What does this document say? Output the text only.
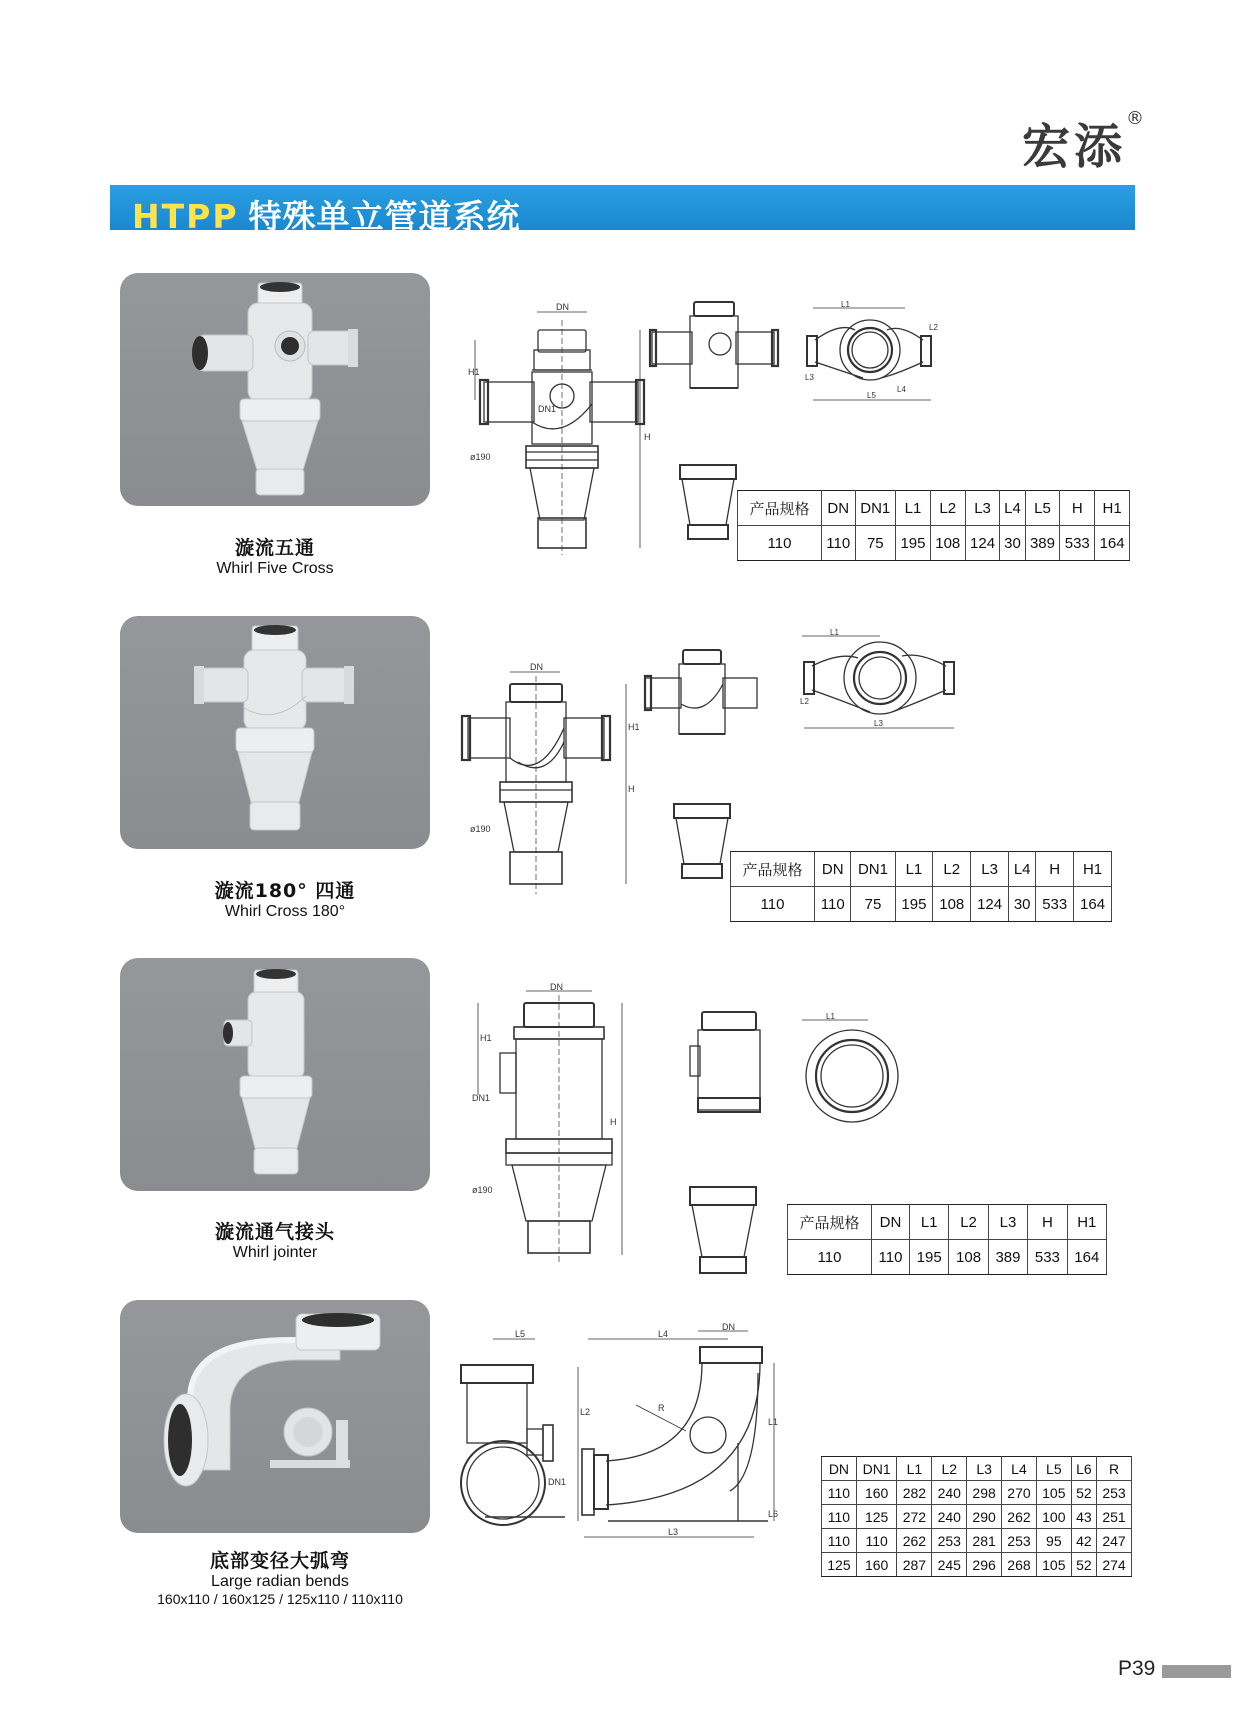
宏添®
HTPP 特殊单立管道系统
漩流五通
Whirl Five Cross
DN
H1
DN1
H
ø190
L1
L2
L3
L4
L5
产品规格	DN	DN1	L1	L2	L3	L4	L5	H	H1
110	110	75	195	108	124	30	389	533	164
漩流180° 四通
Whirl Cross 180°
DN
H1
H
ø190
L1
L2
L3
产品规格	DN	DN1	L1	L2	L3	L4	H	H1
110	110	75	195	108	124	30	533	164
漩流通气接头
Whirl jointer
DN
H1
DN1
H
ø190
L1
产品规格	DN	L1	L2	L3	H	H1
110	110	195	108	389	533	164
底部变径大弧弯
Large radian bends
160x110 / 160x125 / 125x110 / 110x110
L5	L4
DN
R
L2
L1
DN1
L6
L3
DN	DN1	L1	L2	L3	L4	L5	L6	R
110	160	282	240	298	270	105	52	253
110	125	272	240	290	262	100	43	251
110	110	262	253	281	253	95	42	247
125	160	287	245	296	268	105	52	274
P39
